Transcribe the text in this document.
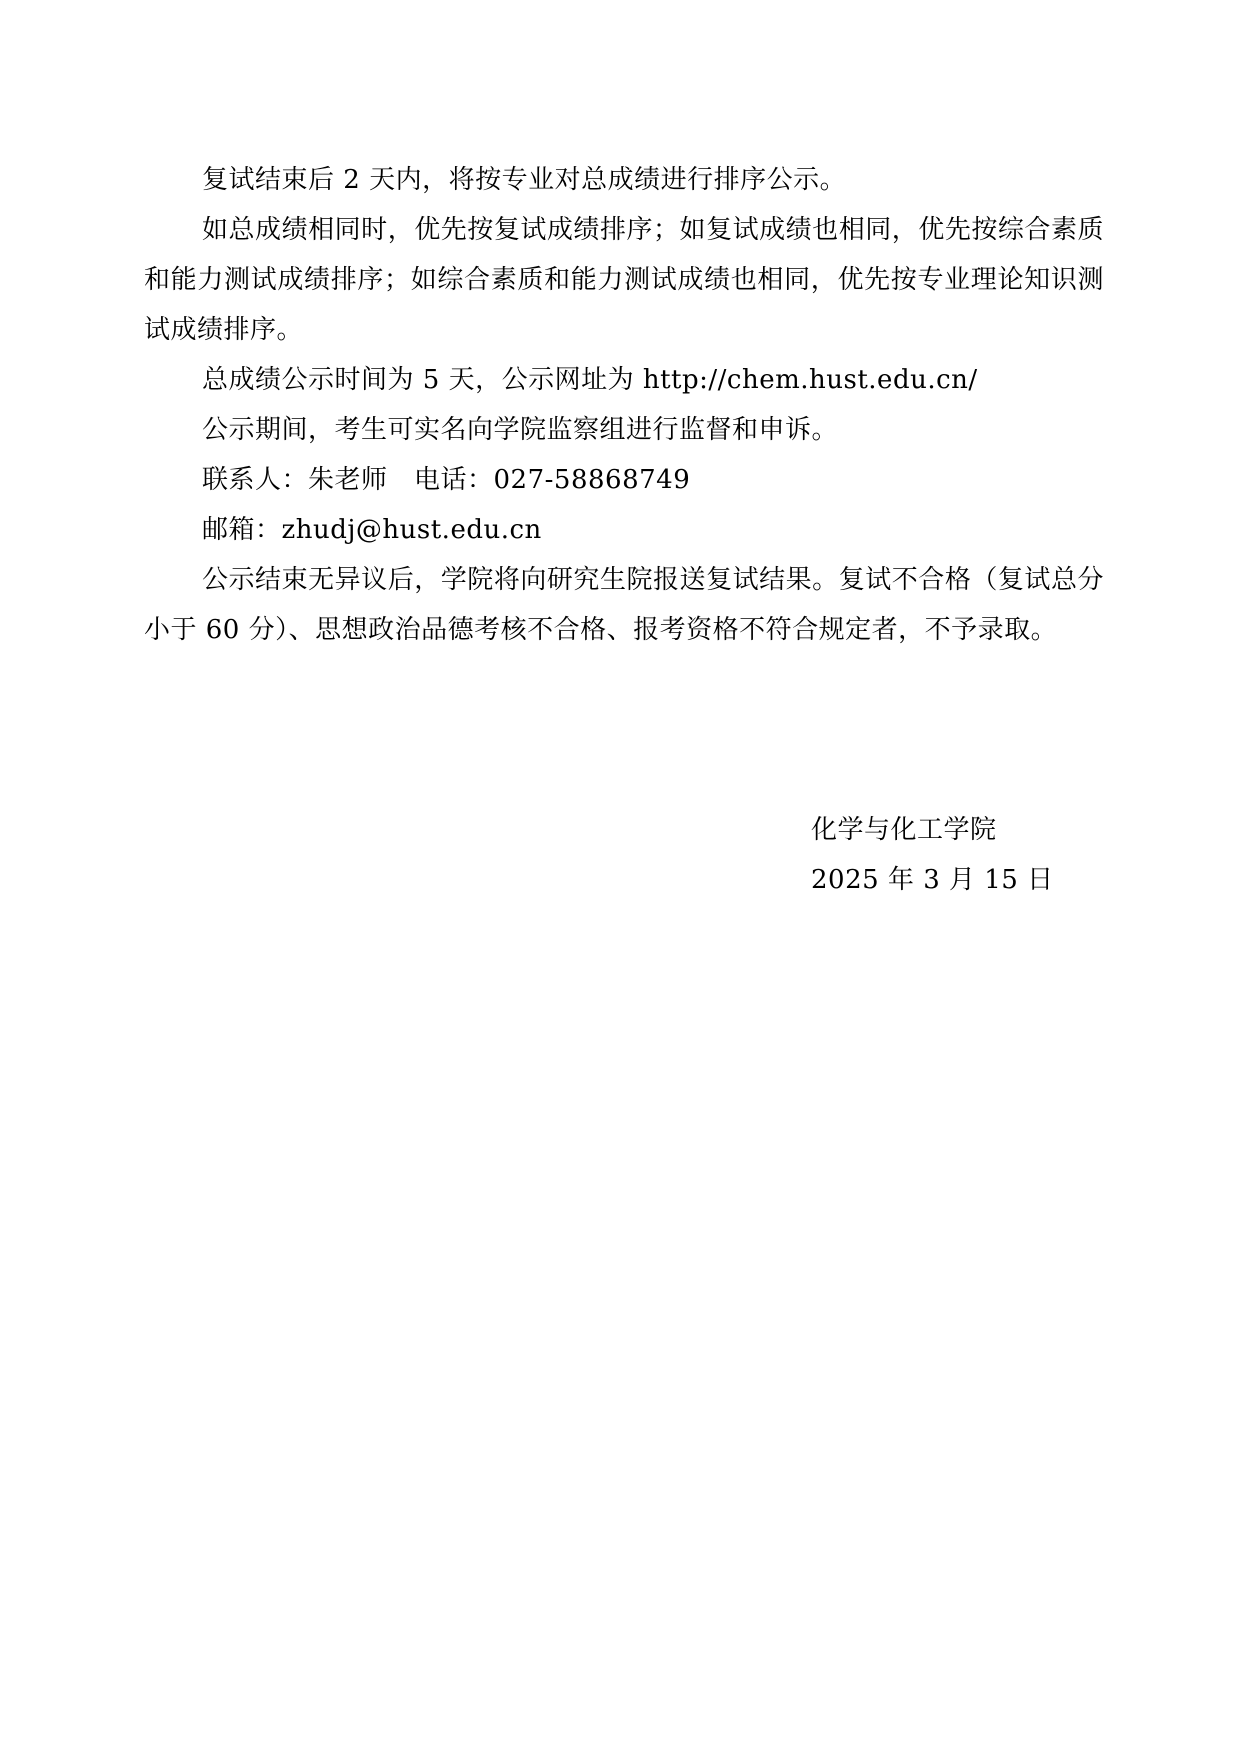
复试结束后 2 天内，将按专业对总成绩进行排序公示。

如总成绩相同时，优先按复试成绩排序；如复试成绩也相同，优先按综合素质和能力测试成绩排序；如综合素质和能力测试成绩也相同，优先按专业理论知识测试成绩排序。

总成绩公示时间为 5 天，公示网址为 http://chem.hust.edu.cn/

公示期间，考生可实名向学院监察组进行监督和申诉。

联系人：朱老师　电话：027-58868749

邮箱：zhudj@hust.edu.cn

公示结束无异议后，学院将向研究生院报送复试结果。复试不合格（复试总分小于 60 分）、思想政治品德考核不合格、报考资格不符合规定者，不予录取。

化学与化工学院
2025 年 3 月 15 日
